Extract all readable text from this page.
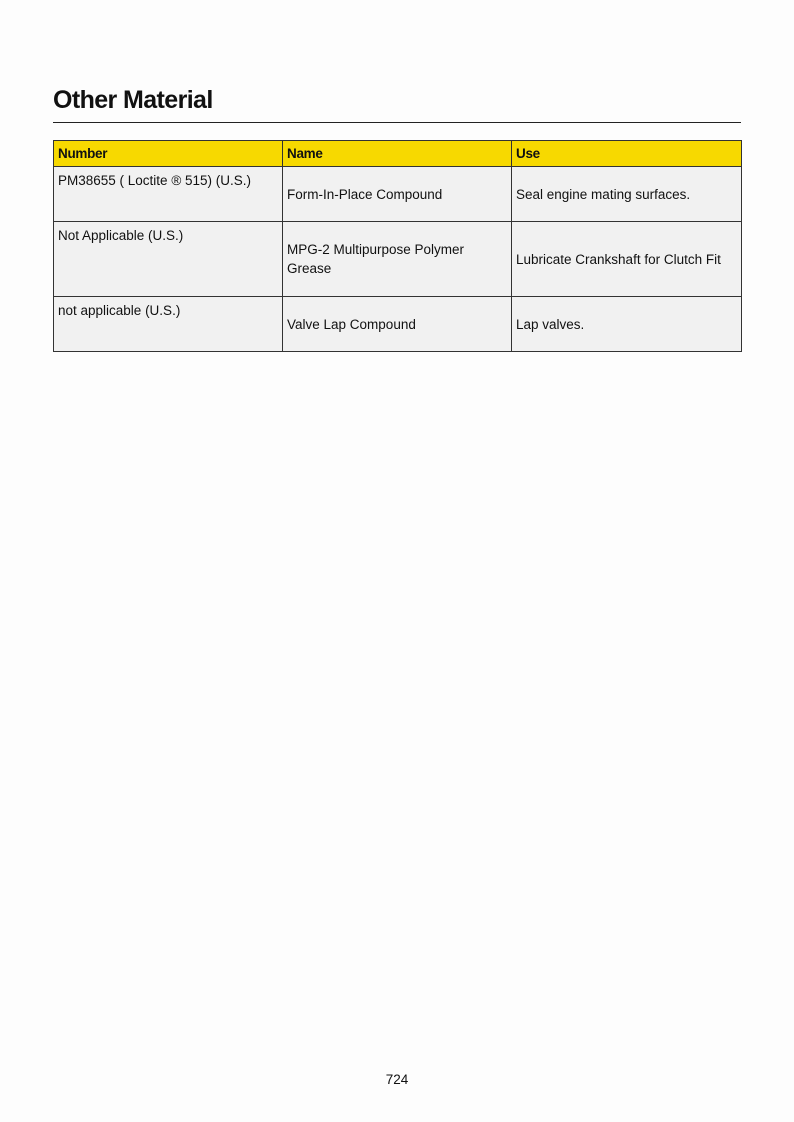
Other Material
Number	Name	Use
PM38655 ( Loctite ® 515) (U.S.)	Form-In-Place Compound	Seal engine mating surfaces.
Not Applicable (U.S.)	MPG-2 Multipurpose Polymer Grease	Lubricate Crankshaft for Clutch Fit
not applicable (U.S.)	Valve Lap Compound	Lap valves.
724
